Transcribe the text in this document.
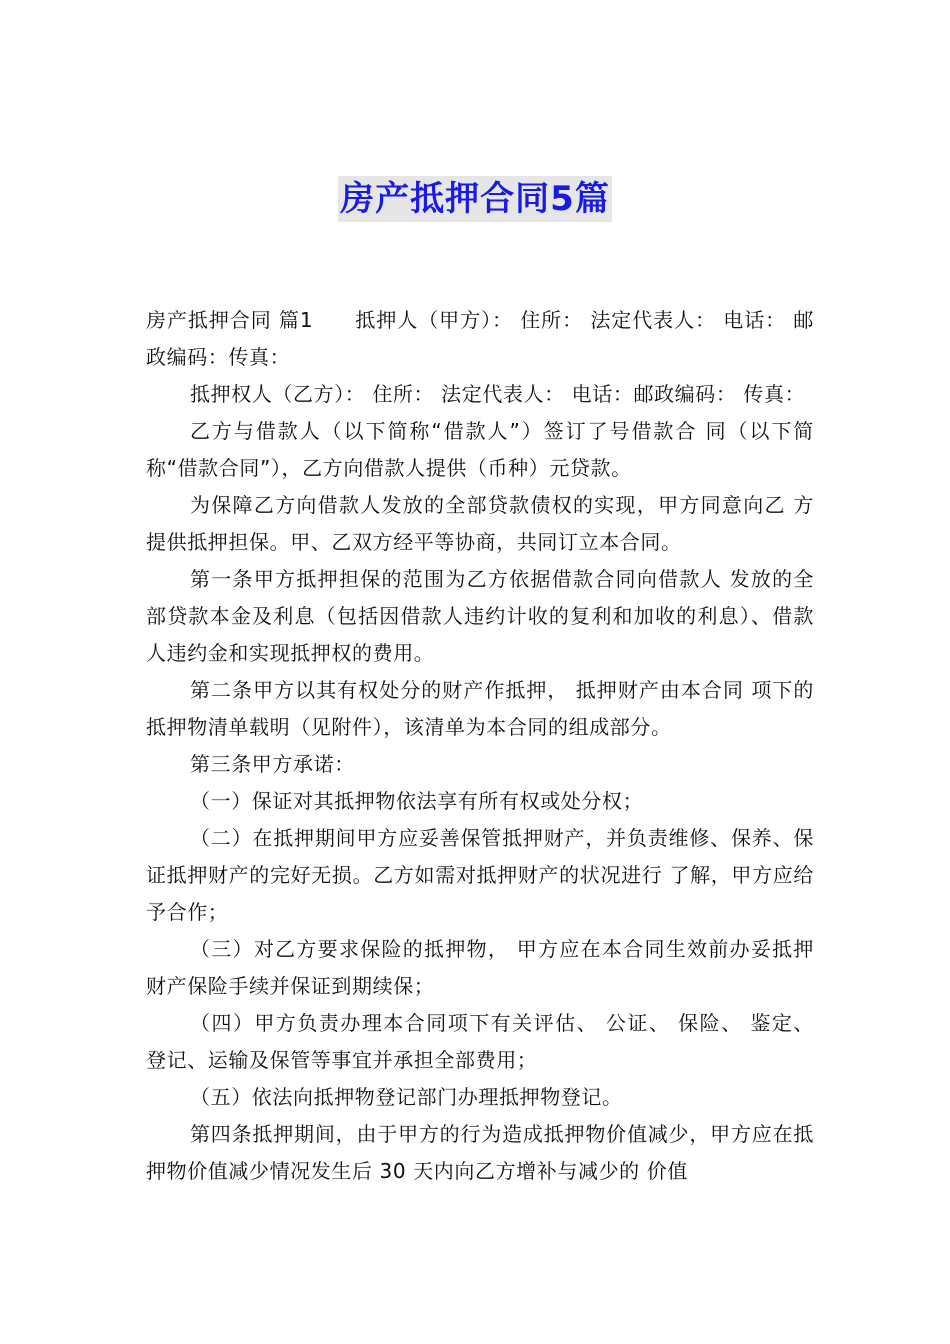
房产抵押合同5篇

房产抵押合同 篇1　　抵押人（甲方）： 住所： 法定代表人： 电话： 邮政编码：传真：

抵押权人（乙方）： 住所： 法定代表人： 电话：邮政编码： 传真：

乙方与借款人（以下简称“借款人”）签订了号借款合 同（以下简称“借款合同”），乙方向借款人提供（币种）元贷款。

为保障乙方向借款人发放的全部贷款债权的实现，甲方同意向乙 方提供抵押担保。甲、乙双方经平等协商，共同订立本合同。

第一条甲方抵押担保的范围为乙方依据借款合同向借款人 发放的全部贷款本金及利息（包括因借款人违约计收的复利和加收的利息）、借款人违约金和实现抵押权的费用。

第二条甲方以其有权处分的财产作抵押， 抵押财产由本合同 项下的抵押物清单载明（见附件），该清单为本合同的组成部分。

第三条甲方承诺：

（一）保证对其抵押物依法享有所有权或处分权；

（二）在抵押期间甲方应妥善保管抵押财产，并负责维修、保养、保证抵押财产的完好无损。乙方如需对抵押财产的状况进行 了解，甲方应给予合作；

（三）对乙方要求保险的抵押物， 甲方应在本合同生效前办妥抵押财产保险手续并保证到期续保；

（四）甲方负责办理本合同项下有关评估、 公证、 保险、 鉴定、 登记、运输及保管等事宜并承担全部费用；

（五）依法向抵押物登记部门办理抵押物登记。

第四条抵押期间，由于甲方的行为造成抵押物价值减少，甲方应在抵押物价值减少情况发生后 30 天内向乙方增补与减少的 价值
